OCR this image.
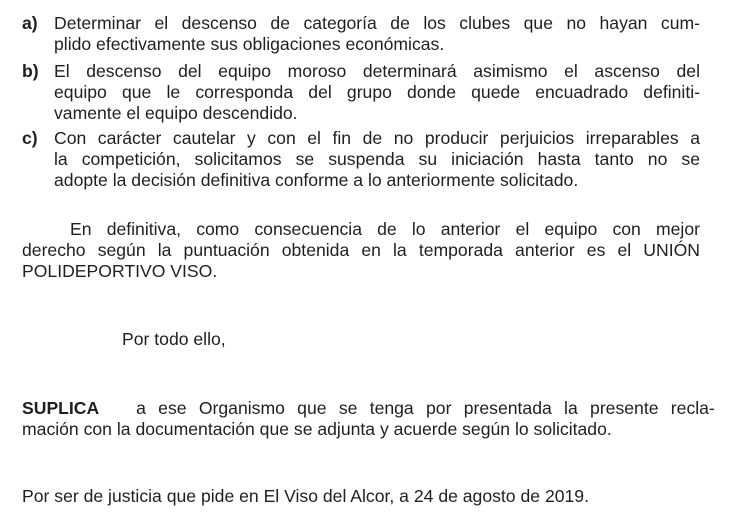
a) Determinar el descenso de categoría de los clubes que no hayan cum-
plido efectivamente sus obligaciones económicas.
b) El descenso del equipo moroso determinará asimismo el ascenso del
equipo que le corresponda del grupo donde quede encuadrado definiti-
vamente el equipo descendido.
c) Con carácter cautelar y con el fin de no producir perjuicios irreparables a
la competición, solicitamos se suspenda su iniciación hasta tanto no se
adopte la decisión definitiva conforme a lo anteriormente solicitado.
En definitiva, como consecuencia de lo anterior el equipo con mejor
derecho según la puntuación obtenida en la temporada anterior es el UNIÓN
POLIDEPORTIVO VISO.
Por todo ello,
SUPLICA a ese Organismo que se tenga por presentada la presente recla-
mación con la documentación que se adjunta y acuerde según lo solicitado.
Por ser de justicia que pide en El Viso del Alcor, a 24 de agosto de 2019.
